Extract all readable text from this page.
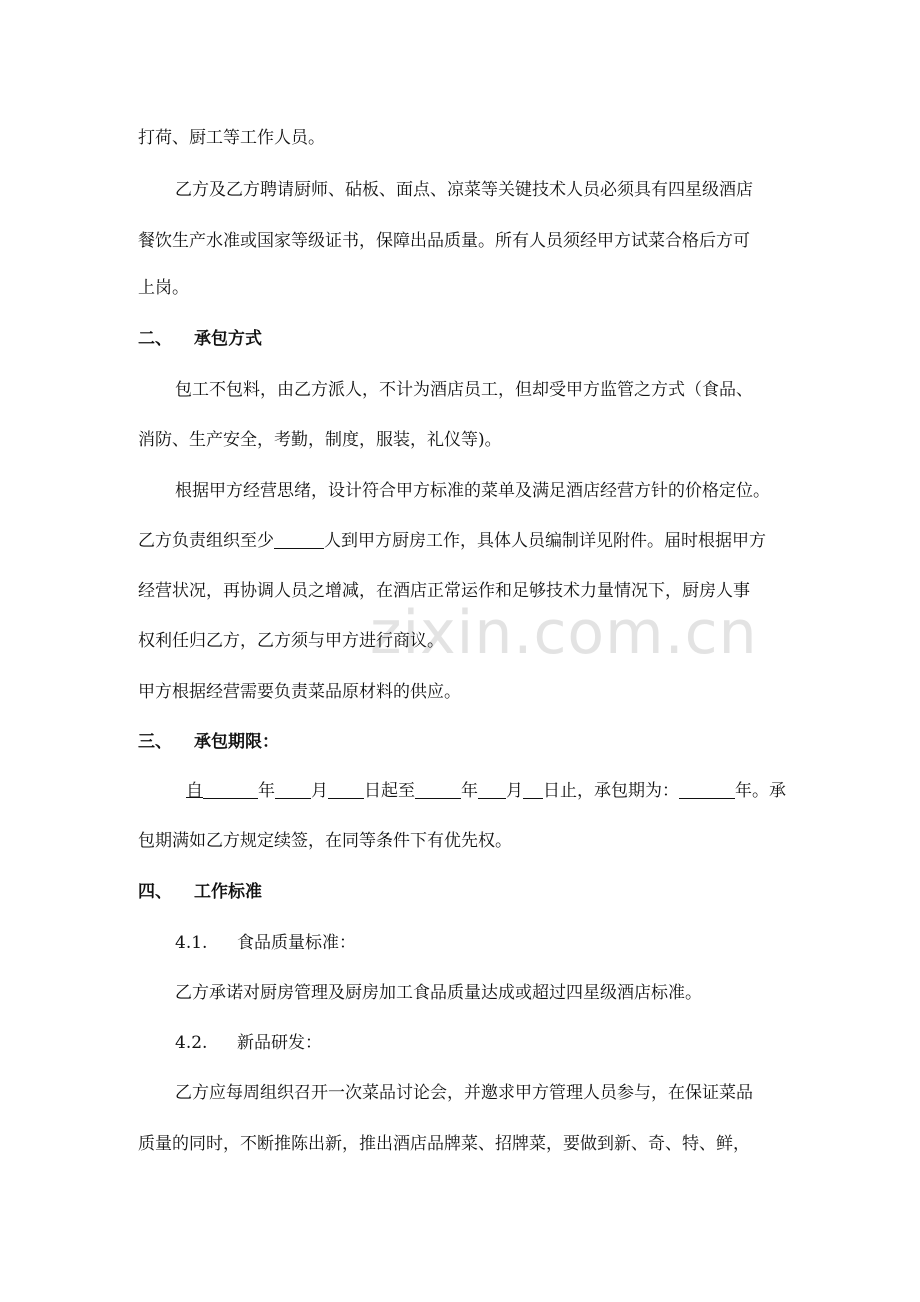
zixin.com.cn
打荷、厨工等工作人员。
乙方及乙方聘请厨师、砧板、面点、凉菜等关键技术人员必须具有四星级酒店
餐饮生产水准或国家等级证书，保障出品质量。所有人员须经甲方试菜合格后方可
上岗。
二、 承包方式
包工不包料，由乙方派人，不计为酒店员工，但却受甲方监管之方式（食品、
消防、生产安全，考勤，制度，服装，礼仪等)。
根据甲方经营思绪，设计符合甲方标准的菜单及满足酒店经营方针的价格定位。
乙方负责组织至少	人到甲方厨房工作，具体人员编制详见附件。届时根据甲方
经营状况，再协调人员之增减，在酒店正常运作和足够技术力量情况下，厨房人事
权利任归乙方，乙方须与甲方进行商议。
甲方根据经营需要负责菜品原材料的供应。
三、 承包期限：
自	年 月 日起至	年 月 日止，承包期为：	年。承
包期满如乙方规定续签，在同等条件下有优先权。
四、 工作标准
4.1. 食品质量标准：
乙方承诺对厨房管理及厨房加工食品质量达成或超过四星级酒店标准。
4.2. 新品研发：
乙方应每周组织召开一次菜品讨论会，并邀求甲方管理人员参与，在保证菜品
质量的同时，不断推陈出新，推出酒店品牌菜、招牌菜，要做到新、奇、特、鲜，
